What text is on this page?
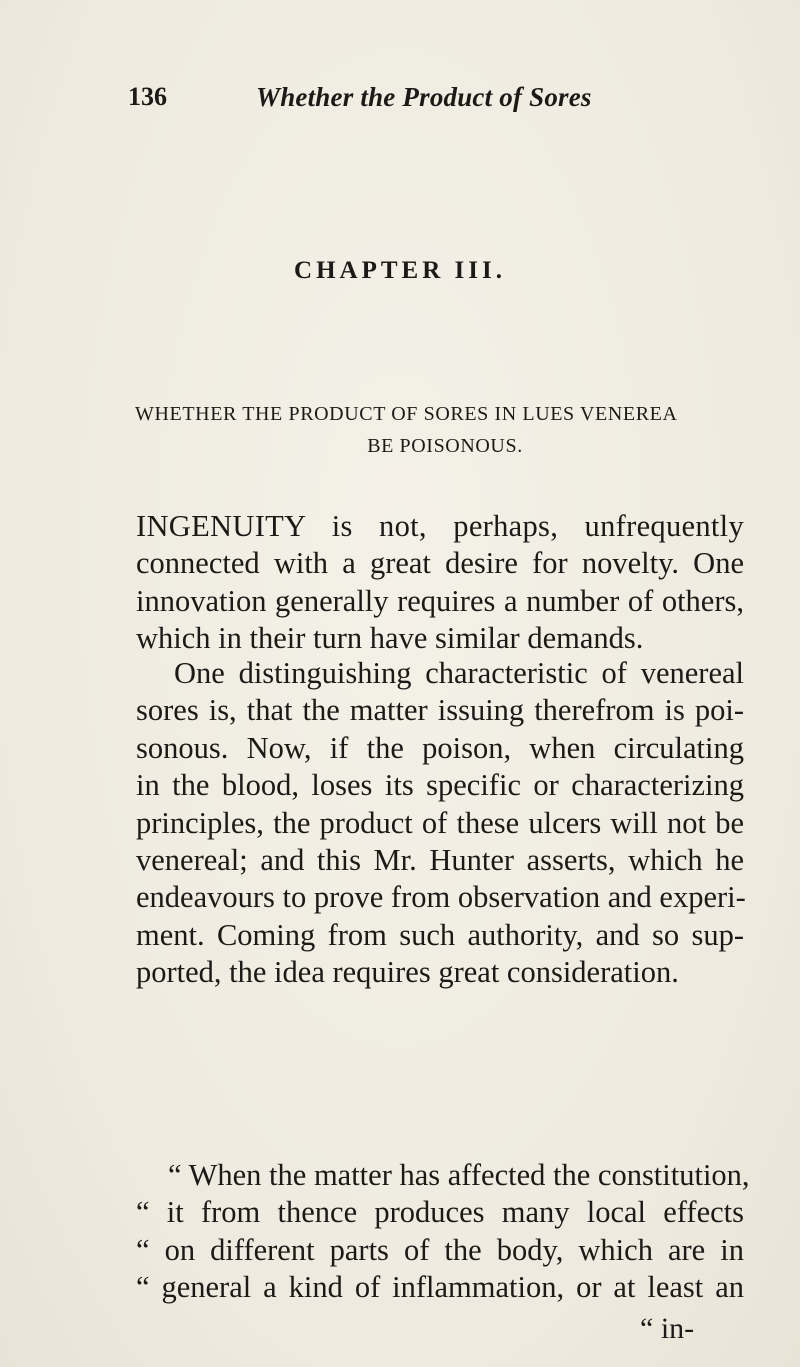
136	Whether the Product of Sores
CHAPTER III.
WHETHER THE PRODUCT OF SORES IN LUES VENEREA
BE POISONOUS.
INGENUITY is not, perhaps, unfrequently
connected with a great desire for novelty. One
innovation generally requires a number of others,
which in their turn have similar demands.
One distinguishing characteristic of venereal
sores is, that the matter issuing therefrom is poi-
sonous. Now, if the poison, when circulating
in the blood, loses its specific or characterizing
principles, the product of these ulcers will not be
venereal; and this Mr. Hunter asserts, which he
endeavours to prove from observation and experi-
ment. Coming from such authority, and so sup-
ported, the idea requires great consideration.
“ When the matter has affected the constitution,
“ it from thence produces many local effects
“ on different parts of the body, which are in
“ general a kind of inflammation, or at least an
“ in-
